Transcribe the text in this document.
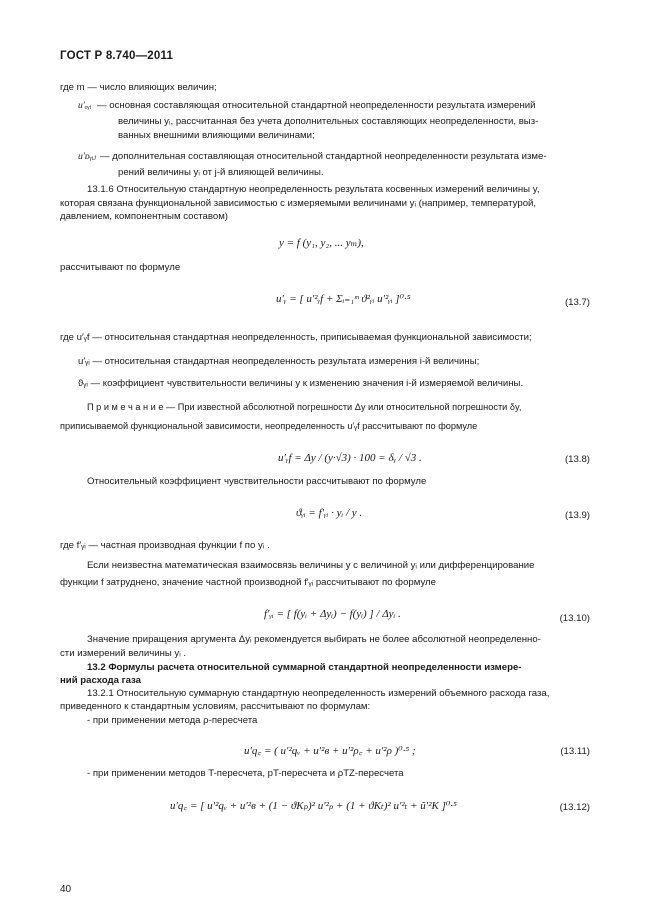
ГОСТ Р 8.740—2011
где m — число влияющих величин;
u′ₒᵧᵢ — основная составляющая относительной стандартной неопределенности результата измерений
величины yᵢ, рассчитанная без учета дополнительных составляющих неопределенности, выз-
ванных внешними влияющими величинами;
u′ᴅᵧᵢⱼ — дополнительная составляющая относительной стандартной неопределенности результата изме-
рений величины yᵢ от j-й влияющей величины.
13.1.6 Относительную стандартную неопределенность результата косвенных измерений величины y,
которая связана функциональной зависимостью с измеряемыми величинами yᵢ (например, температурой,
давлением, компонентным составом)
y = f (y₁, y₂, ... yₘ),
рассчитывают по формуле
u′ᵧ = [ u′²ᵧf + Σᵢ₌₁ᵐ ϑ²ᵧᵢ u′²ᵧᵢ ]⁰·⁵	(13.7)
где u′ᵧf — относительная стандартная неопределенность, приписываемая функциональной зависимости;
u′ᵧᵢ — относительная стандартная неопределенность результата измерения i-й величины;
ϑᵧᵢ — коэффициент чувствительности величины y к изменению значения i-й измеряемой величины.
П р и м е ч а н и е — При известной абсолютной погрешности Δy или относительной погрешности δy,
приписываемой функциональной зависимости, неопределенность u′ᵧf рассчитывают по формуле
u′ᵧf = Δy / (y·√3) · 100 = δᵧ / √3 .	(13.8)
Относительный коэффициент чувствительности рассчитывают по формуле
ϑᵧᵢ = f′ᵧᵢ · yᵢ / y .	(13.9)
где f′ᵧᵢ — частная производная функции f по yᵢ .
Если неизвестна математическая взаимосвязь величины y с величиной yᵢ или дифференцирование
функции f затруднено, значение частной производной f′ᵧᵢ рассчитывают по формуле
f′ᵧᵢ = [ f(yᵢ + Δyᵢ) − f(yᵢ) ] / Δyᵢ .	(13.10)
Значение приращения аргумента Δyᵢ рекомендуется выбирать не более абсолютной неопределенно-
сти измерений величины yᵢ .
13.2 Формулы расчета относительной суммарной стандартной неопределенности измере-
ний расхода газа
13.2.1 Относительную суммарную стандартную неопределенность измерений объемного расхода газа,
приведенного к стандартным условиям, рассчитывают по формулам:
- при применении метода ρ-пересчета
u′q꜀ = ( u′²qᵥ + u′²в + u′²ρ꜀ + u′²ρ )⁰·⁵ ;	(13.11)
- при применении методов T-пересчета, pT-пересчета и ρTZ-пересчета
u′q꜀ = [ u′²qᵥ + u′²в + (1 − ϑKₚ)² u′²ₚ + (1 + ϑKₜ)² u′²ₜ + ũ′²K ]⁰·⁵	(13.12)
40
